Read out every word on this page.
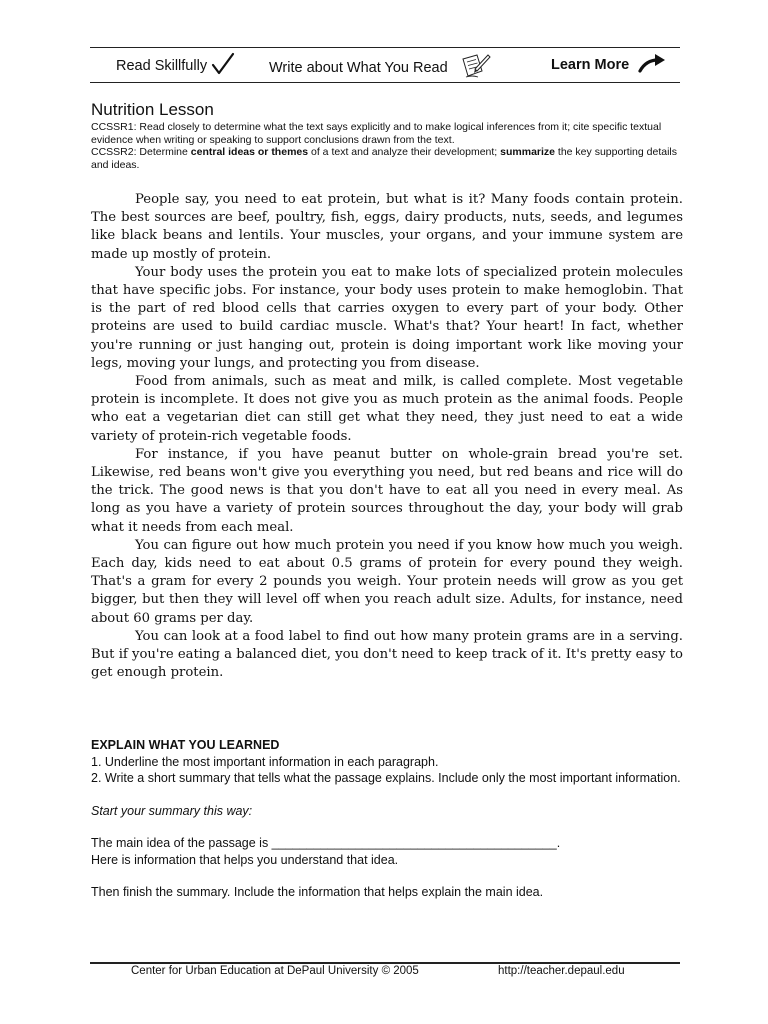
Read Skillfully	Write about What You Read	Learn More
Nutrition Lesson

CCSSR1: Read closely to determine what the text says explicitly and to make logical inferences from it; cite specific textual evidence when writing or speaking to support conclusions drawn from the text.

CCSSR2: Determine central ideas or themes of a text and analyze their development; summarize the key supporting details and ideas.

People say, you need to eat protein, but what is it? Many foods contain protein. The best sources are beef, poultry, fish, eggs, dairy products, nuts, seeds, and legumes like black beans and lentils. Your muscles, your organs, and your immune system are made up mostly of protein.

Your body uses the protein you eat to make lots of specialized protein molecules that have specific jobs. For instance, your body uses protein to make hemoglobin. That is the part of red blood cells that carries oxygen to every part of your body. Other proteins are used to build cardiac muscle. What's that? Your heart! In fact, whether you're running or just hanging out, protein is doing important work like moving your legs, moving your lungs, and protecting you from disease.

Food from animals, such as meat and milk, is called complete. Most vegetable protein is incomplete. It does not give you as much protein as the animal foods. People who eat a vegetarian diet can still get what they need, they just need to eat a wide variety of protein-rich vegetable foods.

For instance, if you have peanut butter on whole-grain bread you're set. Likewise, red beans won't give you everything you need, but red beans and rice will do the trick. The good news is that you don't have to eat all you need in every meal. As long as you have a variety of protein sources throughout the day, your body will grab what it needs from each meal.

You can figure out how much protein you need if you know how much you weigh. Each day, kids need to eat about 0.5 grams of protein for every pound they weigh. That's a gram for every 2 pounds you weigh. Your protein needs will grow as you get bigger, but then they will level off when you reach adult size. Adults, for instance, need about 60 grams per day.

You can look at a food label to find out how many protein grams are in a serving. But if you're eating a balanced diet, you don't need to keep track of it. It's pretty easy to get enough protein.

EXPLAIN WHAT YOU LEARNED

1. Underline the most important information in each paragraph.

2. Write a short summary that tells what the passage explains. Include only the most important information.

Start your summary this way:

The main idea of the passage is _________________________________________.

Here is information that helps you understand that idea.

Then finish the summary. Include the information that helps explain the main idea.

Center for Urban Education at DePaul University © 2005	http://teacher.depaul.edu
